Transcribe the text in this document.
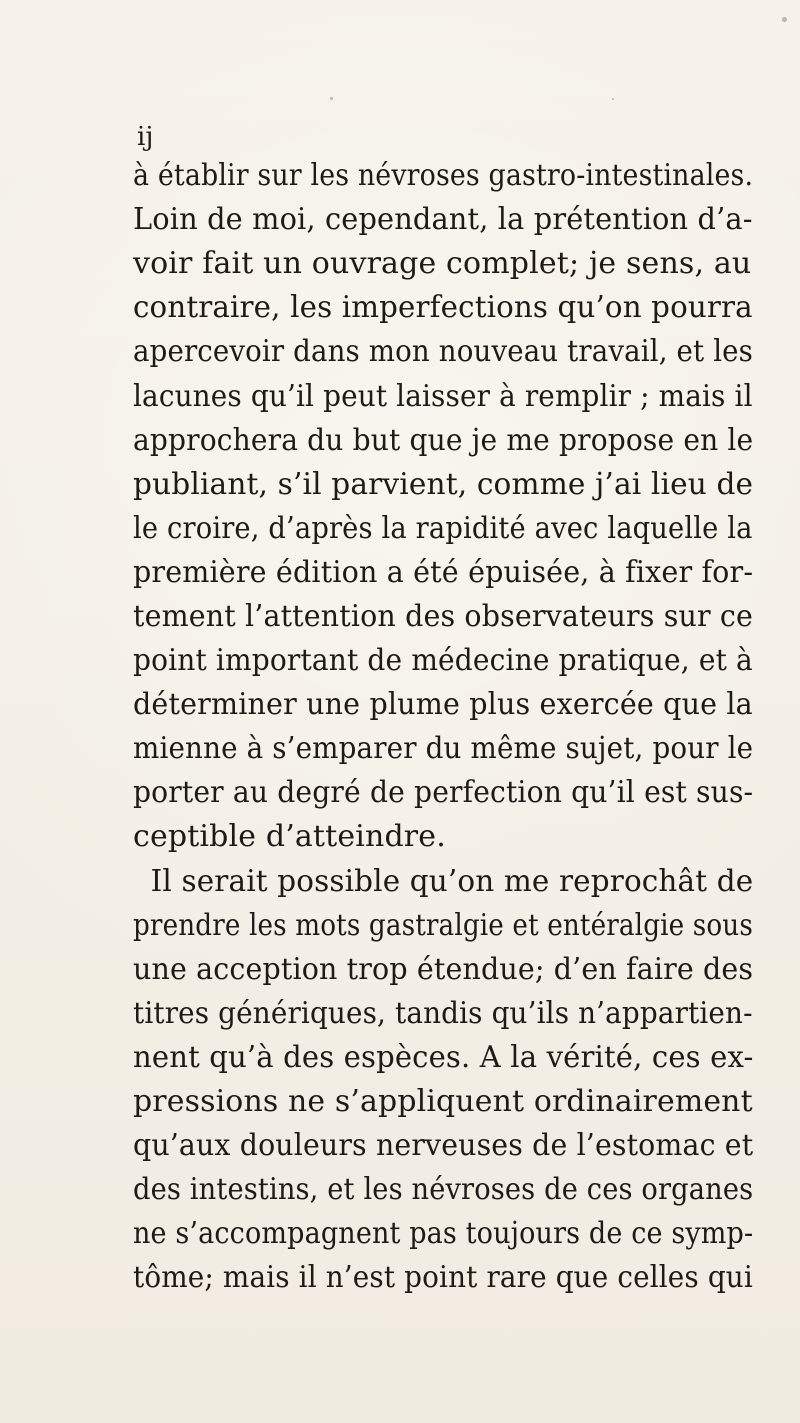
ij
à établir sur les névroses gastro-intestinales.
Loin de moi, cependant, la prétention d’a-
voir fait un ouvrage complet; je sens, au
contraire, les imperfections qu’on pourra
apercevoir dans mon nouveau travail, et les
lacunes qu’il peut laisser à remplir ; mais il
approchera du but que je me propose en le
publiant, s’il parvient, comme j’ai lieu de
le croire, d’après la rapidité avec laquelle la
première édition a été épuisée, à fixer for-
tement l’attention des observateurs sur ce
point important de médecine pratique, et à
déterminer une plume plus exercée que la
mienne à s’emparer du même sujet, pour le
porter au degré de perfection qu’il est sus-
ceptible d’atteindre.
Il serait possible qu’on me reprochât de
prendre les mots gastralgie et entéralgie sous
une acception trop étendue; d’en faire des
titres génériques, tandis qu’ils n’appartien-
nent qu’à des espèces. A la vérité, ces ex-
pressions ne s’appliquent ordinairement
qu’aux douleurs nerveuses de l’estomac et
des intestins, et les névroses de ces organes
ne s’accompagnent pas toujours de ce symp-
tôme; mais il n’est point rare que celles qui
